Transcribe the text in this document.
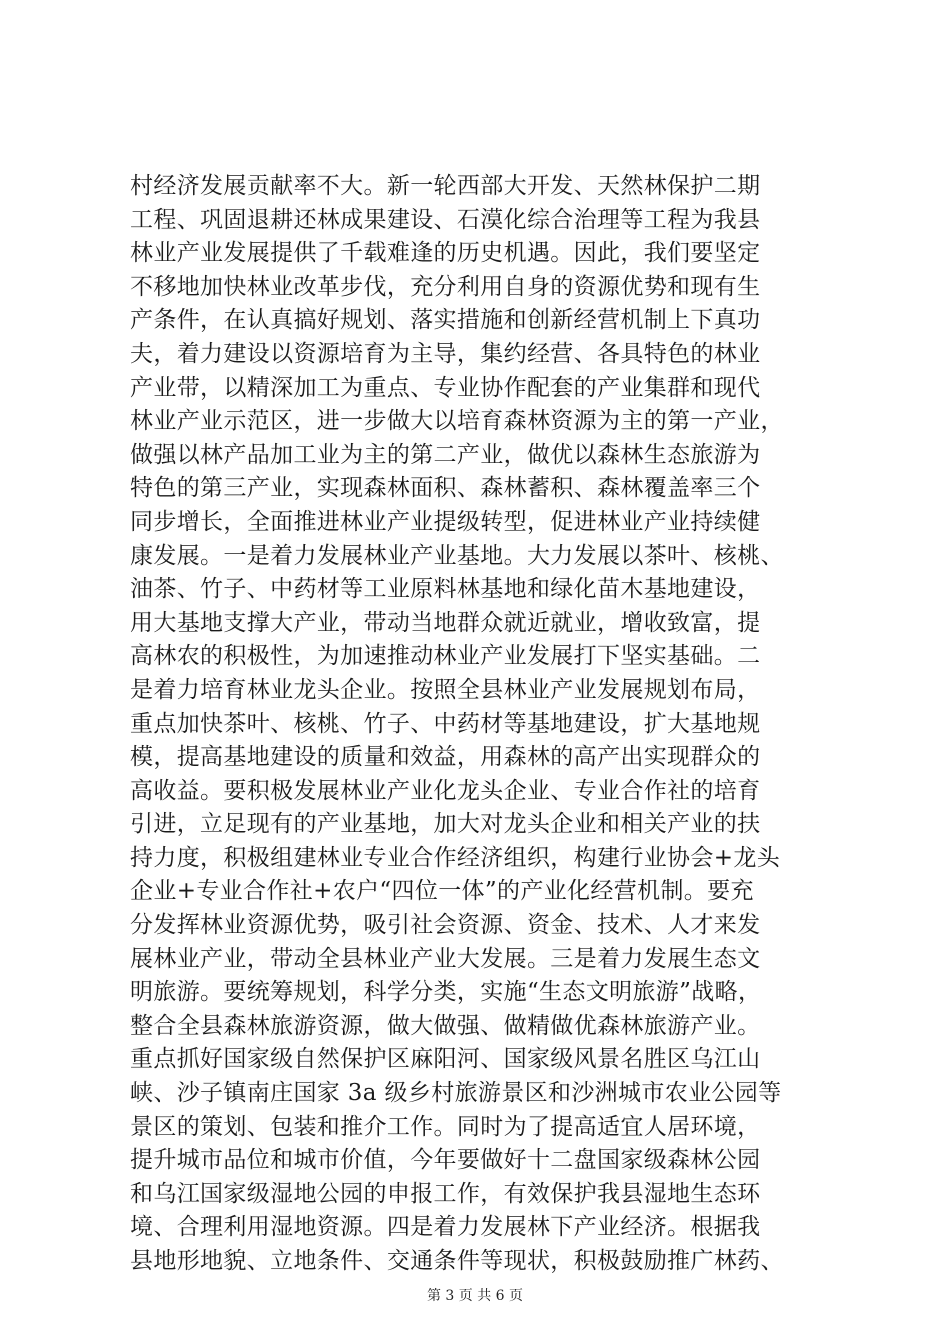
村经济发展贡献率不大。新一轮西部大开发、天然林保护二期
工程、巩固退耕还林成果建设、石漠化综合治理等工程为我县
林业产业发展提供了千载难逢的历史机遇。因此，我们要坚定
不移地加快林业改革步伐，充分利用自身的资源优势和现有生
产条件，在认真搞好规划、落实措施和创新经营机制上下真功
夫，着力建设以资源培育为主导，集约经营、各具特色的林业
产业带，以精深加工为重点、专业协作配套的产业集群和现代
林业产业示范区，进一步做大以培育森林资源为主的第一产业，
做强以林产品加工业为主的第二产业，做优以森林生态旅游为
特色的第三产业，实现森林面积、森林蓄积、森林覆盖率三个
同步增长，全面推进林业产业提级转型，促进林业产业持续健
康发展。一是着力发展林业产业基地。大力发展以茶叶、核桃、
油茶、竹子、中药材等工业原料林基地和绿化苗木基地建设，
用大基地支撑大产业，带动当地群众就近就业，增收致富，提
高林农的积极性，为加速推动林业产业发展打下坚实基础。二
是着力培育林业龙头企业。按照全县林业产业发展规划布局，
重点加快茶叶、核桃、竹子、中药材等基地建设，扩大基地规
模，提高基地建设的质量和效益，用森林的高产出实现群众的
高收益。要积极发展林业产业化龙头企业、专业合作社的培育
引进，立足现有的产业基地，加大对龙头企业和相关产业的扶
持力度，积极组建林业专业合作经济组织，构建行业协会+龙头
企业+专业合作社+农户“四位一体”的产业化经营机制。要充
分发挥林业资源优势，吸引社会资源、资金、技术、人才来发
展林业产业，带动全县林业产业大发展。三是着力发展生态文
明旅游。要统筹规划，科学分类，实施“生态文明旅游”战略，
整合全县森林旅游资源，做大做强、做精做优森林旅游产业。
重点抓好国家级自然保护区麻阳河、国家级风景名胜区乌江山
峡、沙子镇南庄国家 3a 级乡村旅游景区和沙洲城市农业公园等
景区的策划、包装和推介工作。同时为了提高适宜人居环境，
提升城市品位和城市价值，今年要做好十二盘国家级森林公园
和乌江国家级湿地公园的申报工作，有效保护我县湿地生态环
境、合理利用湿地资源。四是着力发展林下产业经济。根据我
县地形地貌、立地条件、交通条件等现状，积极鼓励推广林药、
第 3 页 共 6 页
